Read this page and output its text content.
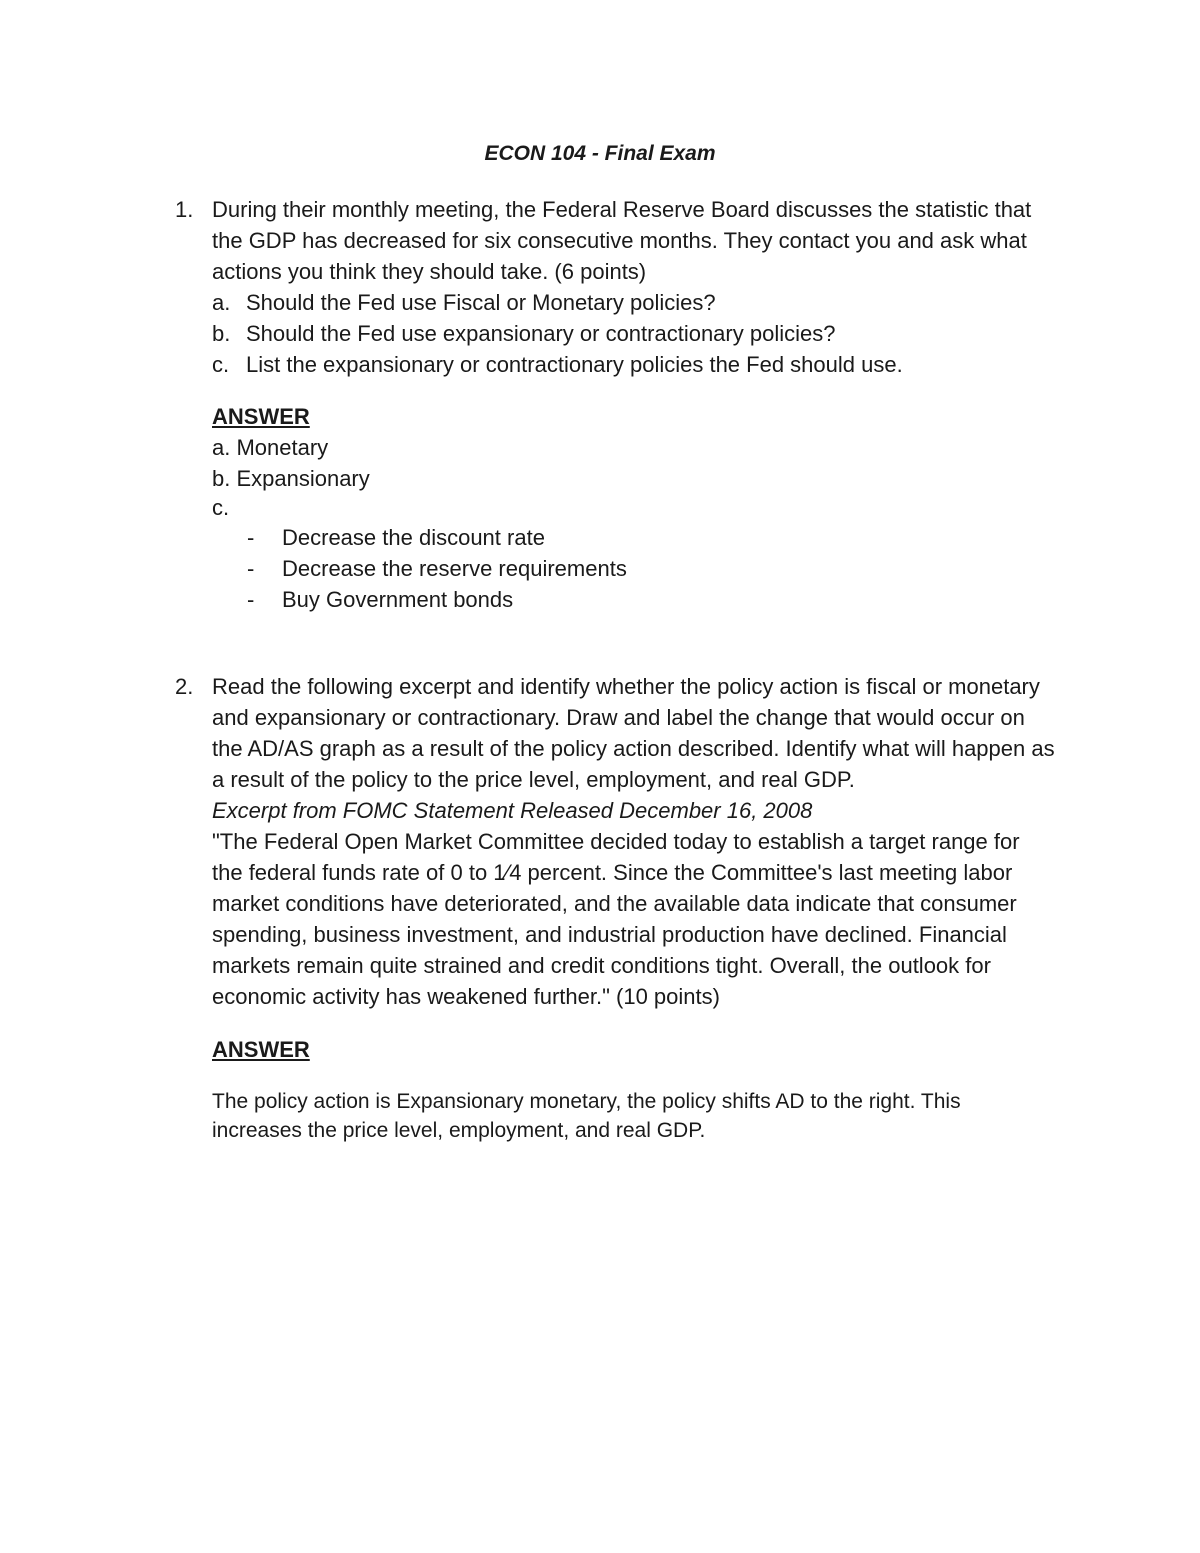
ECON 104 - Final Exam
1. During their monthly meeting, the Federal Reserve Board discusses the statistic that the GDP has decreased for six consecutive months. They contact you and ask what actions you think they should take. (6 points)
a. Should the Fed use Fiscal or Monetary policies?
b. Should the Fed use expansionary or contractionary policies?
c. List the expansionary or contractionary policies the Fed should use.
ANSWER
a. Monetary
b. Expansionary
c.
- Decrease the discount rate
- Decrease the reserve requirements
- Buy Government bonds
2. Read the following excerpt and identify whether the policy action is fiscal or monetary and expansionary or contractionary. Draw and label the change that would occur on the AD/AS graph as a result of the policy action described. Identify what will happen as a result of the policy to the price level, employment, and real GDP.
Excerpt from FOMC Statement Released December 16, 2008
"The Federal Open Market Committee decided today to establish a target range for the federal funds rate of 0 to 1⁄4 percent. Since the Committee's last meeting labor market conditions have deteriorated, and the available data indicate that consumer spending, business investment, and industrial production have declined. Financial markets remain quite strained and credit conditions tight. Overall, the outlook for economic activity has weakened further." (10 points)
ANSWER
The policy action is Expansionary monetary, the policy shifts AD to the right. This increases the price level, employment, and real GDP.
